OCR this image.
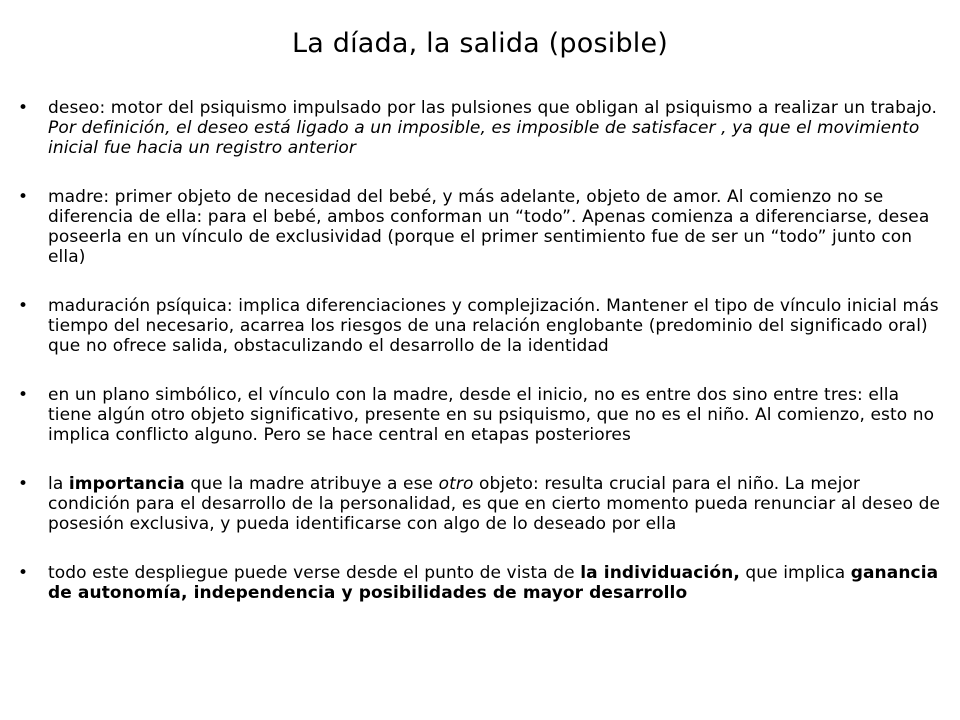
La díada, la salida (posible)
•	deseo: motor del psiquismo impulsado por las pulsiones que obligan al psiquismo a realizar un trabajo. Por definición, el deseo está ligado a un imposible, es imposible de satisfacer , ya que el movimiento inicial fue hacia un registro anterior
•	madre: primer objeto de necesidad del bebé, y más adelante, objeto de amor. Al comienzo no se diferencia de ella: para el bebé, ambos conforman un “todo”. Apenas comienza a diferenciarse, desea poseerla en un vínculo de exclusividad (porque el primer sentimiento fue de ser un “todo” junto con ella)
•	maduración psíquica: implica diferenciaciones y complejización. Mantener el tipo de vínculo inicial más tiempo del necesario, acarrea los riesgos de una relación englobante (predominio del significado oral) que no ofrece salida, obstaculizando el desarrollo de la identidad
•	en un plano simbólico, el vínculo con la madre, desde el inicio, no es entre dos sino entre tres: ella tiene algún otro objeto significativo, presente en su psiquismo, que no es el niño. Al comienzo, esto no implica conflicto alguno. Pero se hace central en etapas posteriores
•	la importancia que la madre atribuye a ese otro objeto: resulta crucial para el niño. La mejor condición para el desarrollo de la personalidad, es que en cierto momento pueda renunciar al deseo de posesión exclusiva, y pueda identificarse con algo de lo deseado por ella
•	todo este despliegue puede verse desde el punto de vista de la individuación, que implica ganancia de autonomía, independencia y posibilidades de mayor desarrollo
